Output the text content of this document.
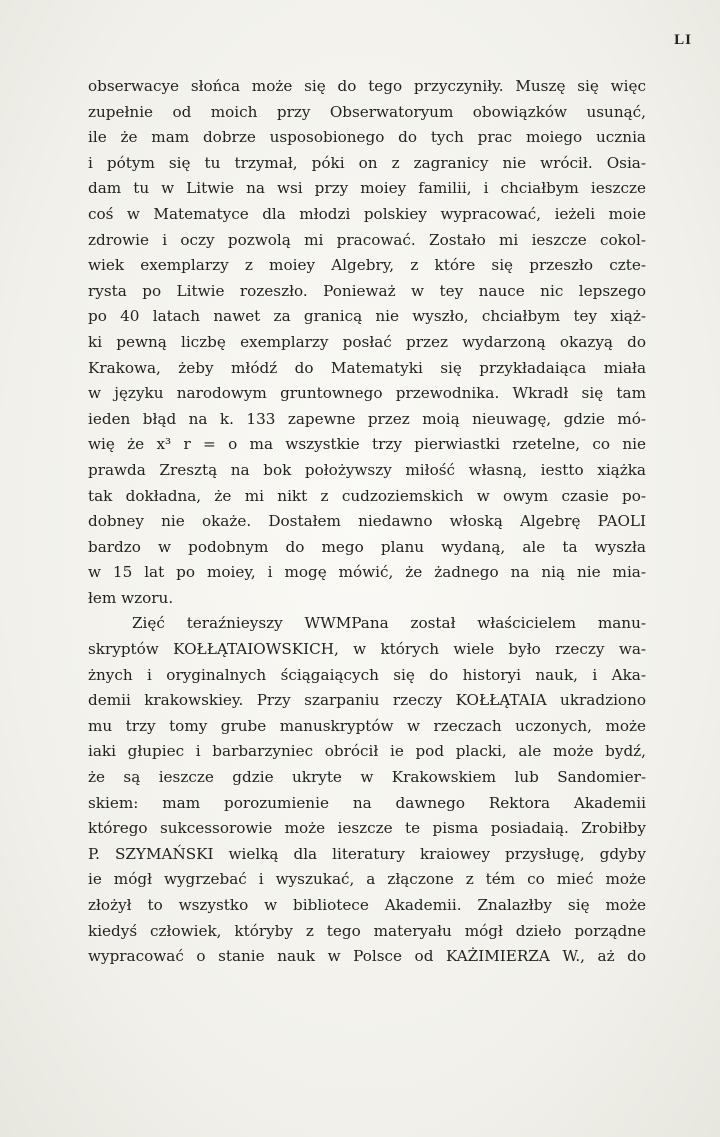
LI
obserwacye słońca może się do tego przyczyniły. Muszę się więc
zupełnie od moich przy Obserwatoryum obowiązków usunąć,
ile że mam dobrze usposobionego do tych prac moiego ucznia
i pótym się tu trzymał, póki on z zagranicy nie wrócił. Osia-
dam tu w Litwie na wsi przy moiey familii, i chciałbym ieszcze
coś w Matematyce dla młodzi polskiey wypracować, ieżeli moie
zdrowie i oczy pozwolą mi pracować. Zostało mi ieszcze cokol-
wiek exemplarzy z moiey Algebry, z które się przeszło czte-
rysta po Litwie rozeszło. Ponieważ w tey nauce nic lepszego
po 40 latach nawet za granicą nie wyszło, chciałbym tey xiąż-
ki pewną liczbę exemplarzy posłać przez wydarzoną okazyą do
Krakowa, żeby młódź do Matematyki się przykładaiąca miała
w języku narodowym gruntownego przewodnika. Wkradł się tam
ieden błąd na k. 133 zapewne przez moią nieuwagę, gdzie mó-
wię że x³ r = o ma wszystkie trzy pierwiastki rzetelne, co nie
prawda Zresztą na bok położywszy miłość własną, iestto xiążka
tak dokładna, że mi nikt z cudzoziemskich w owym czasie po-
dobney nie okaże. Dostałem niedawno włoską Algebrę PAOLI
bardzo w podobnym do mego planu wydaną, ale ta wyszła
w 15 lat po moiey, i mogę mówić, że żadnego na nią nie mia-
łem wzoru.
Zięć teraźnieyszy WWMPana został właścicielem manu-
skryptów KOŁŁĄTAIOWSKICH, w których wiele było rzeczy wa-
żnych i oryginalnych ściągaiących się do historyi nauk, i Aka-
demii krakowskiey. Przy szarpaniu rzeczy KOŁŁĄTAIA ukradziono
mu trzy tomy grube manuskryptów w rzeczach uczonych, może
iaki głupiec i barbarzyniec obrócił ie pod placki, ale może bydź,
że są ieszcze gdzie ukryte w Krakowskiem lub Sandomier-
skiem: mam porozumienie na dawnego Rektora Akademii
którego sukcessorowie może ieszcze te pisma posiadaią. Zrobiłby
P. SZYMAŃSKI wielką dla literatury kraiowey przysługę, gdyby
ie mógł wygrzebać i wyszukać, a złączone z tém co mieć może
złożył to wszystko w bibliotece Akademii. Znalazłby się może
kiedyś człowiek, któryby z tego materyału mógł dzieło porządne
wypracować o stanie nauk w Polsce od KAŻIMIERZA W., aż do
